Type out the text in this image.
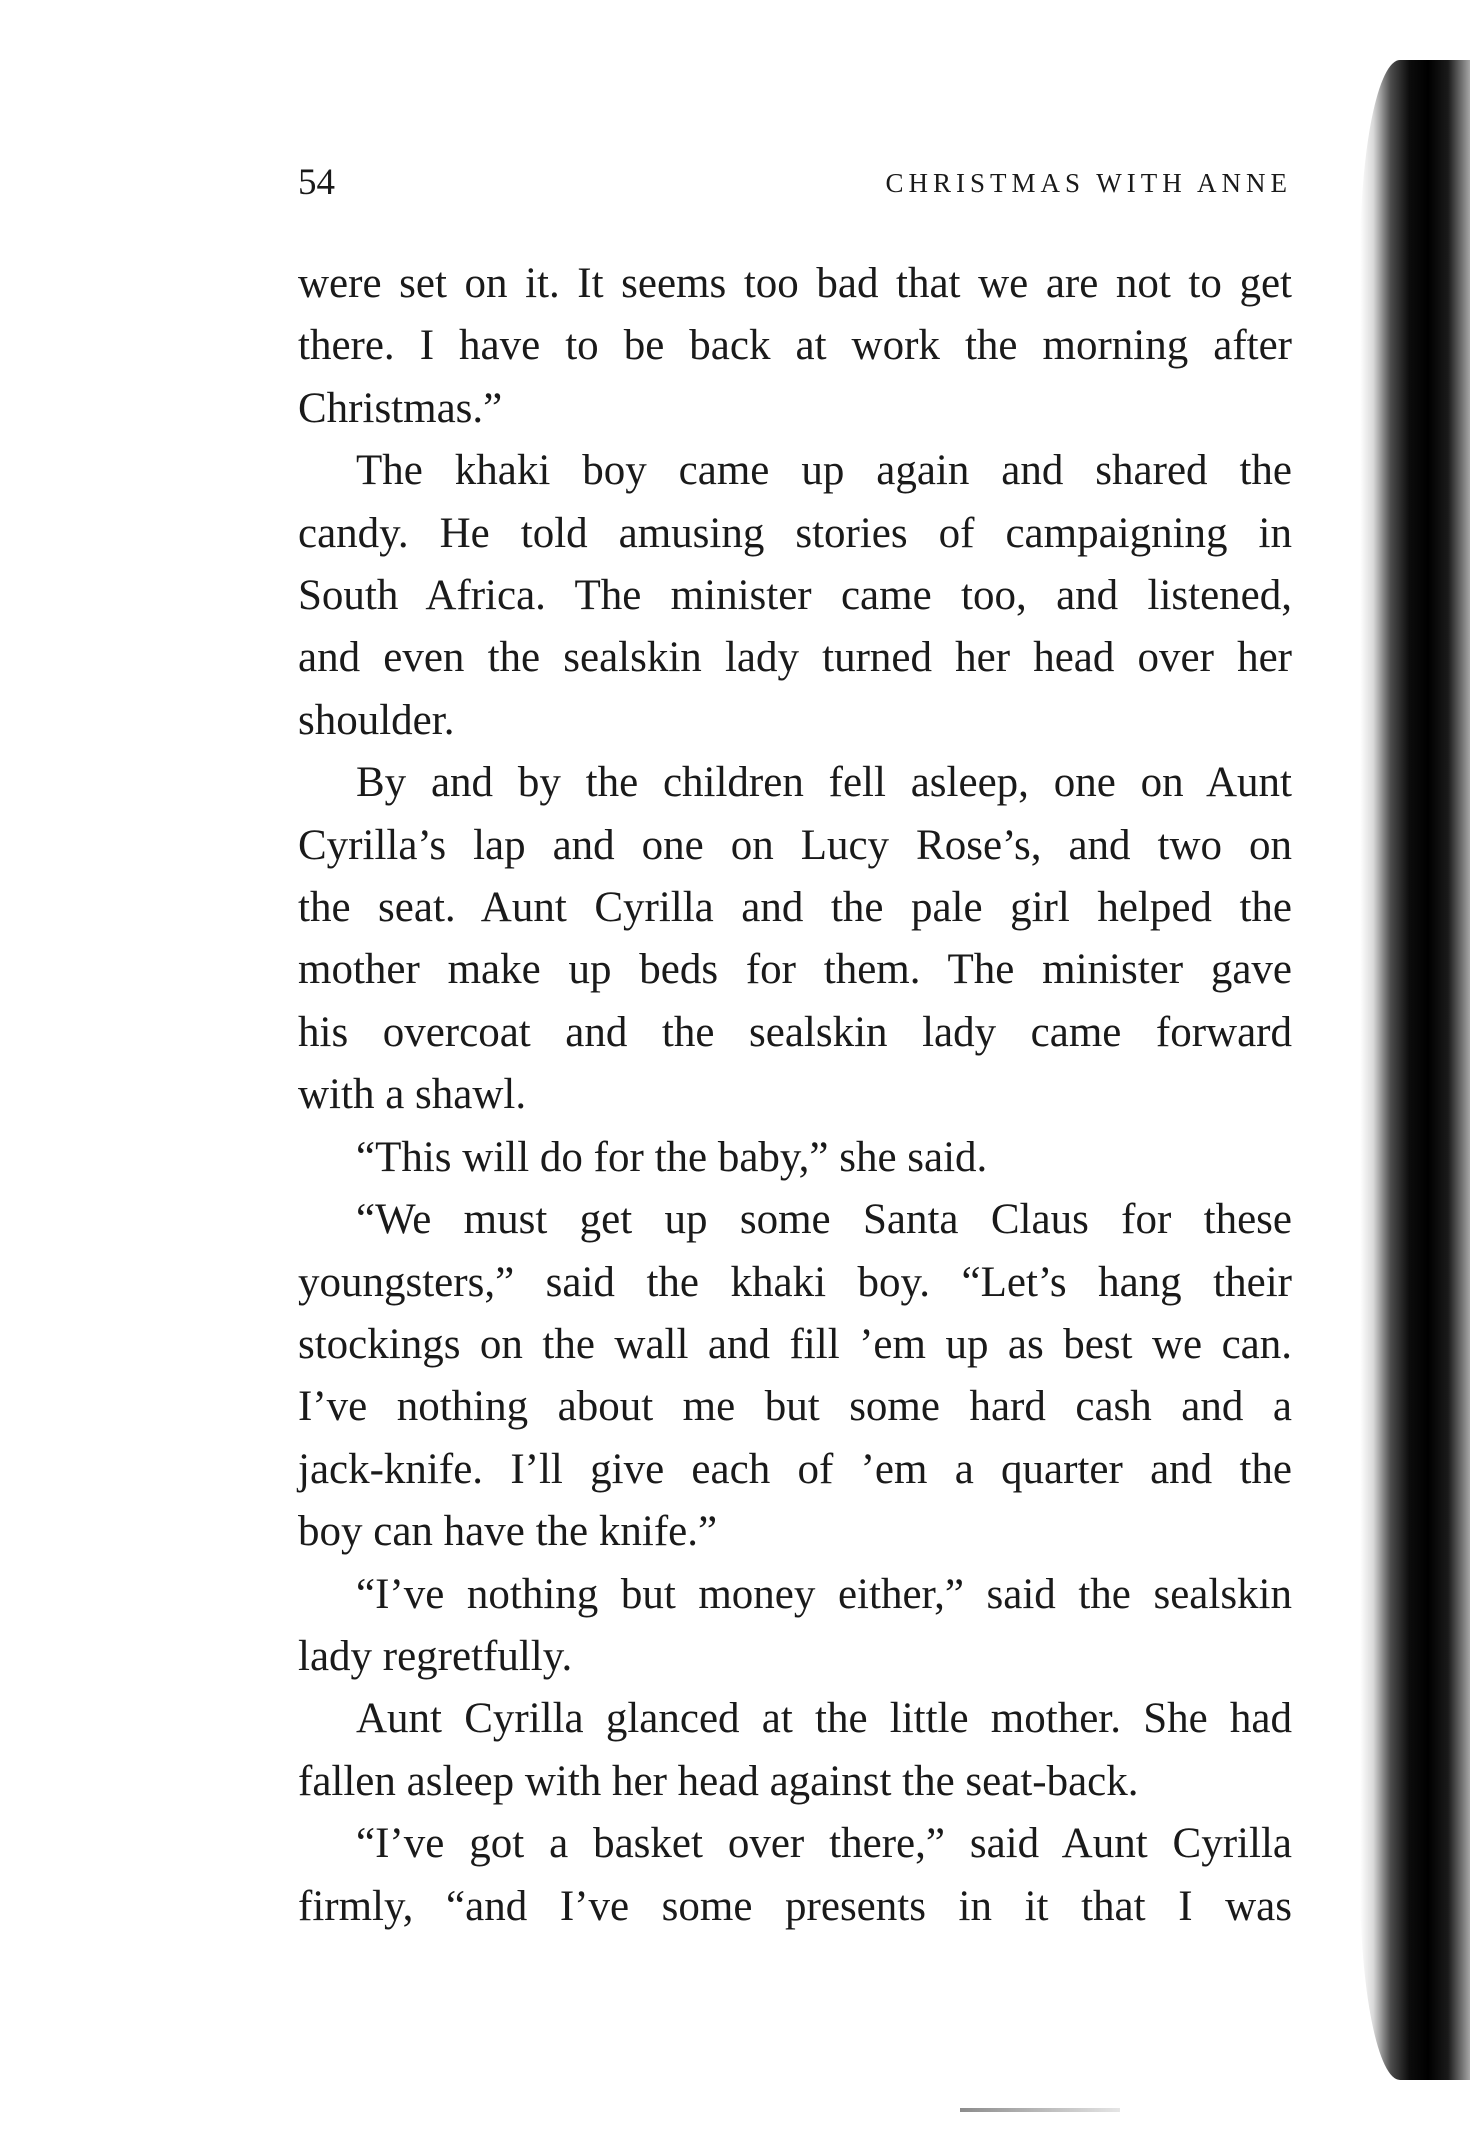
54	CHRISTMAS WITH ANNE
were set on it. It seems too bad that we are not to get
there. I have to be back at work the morning after
Christmas.”
The khaki boy came up again and shared the
candy. He told amusing stories of campaigning in
South Africa. The minister came too, and listened,
and even the sealskin lady turned her head over her
shoulder.
By and by the children fell asleep, one on Aunt
Cyrilla’s lap and one on Lucy Rose’s, and two on
the seat. Aunt Cyrilla and the pale girl helped the
mother make up beds for them. The minister gave
his overcoat and the sealskin lady came forward
with a shawl.
“This will do for the baby,” she said.
“We must get up some Santa Claus for these
youngsters,” said the khaki boy. “Let’s hang their
stockings on the wall and fill ’em up as best we can.
I’ve nothing about me but some hard cash and a
jack-knife. I’ll give each of ’em a quarter and the
boy can have the knife.”
“I’ve nothing but money either,” said the sealskin
lady regretfully.
Aunt Cyrilla glanced at the little mother. She had
fallen asleep with her head against the seat-back.
“I’ve got a basket over there,” said Aunt Cyrilla
firmly, “and I’ve some presents in it that I was
